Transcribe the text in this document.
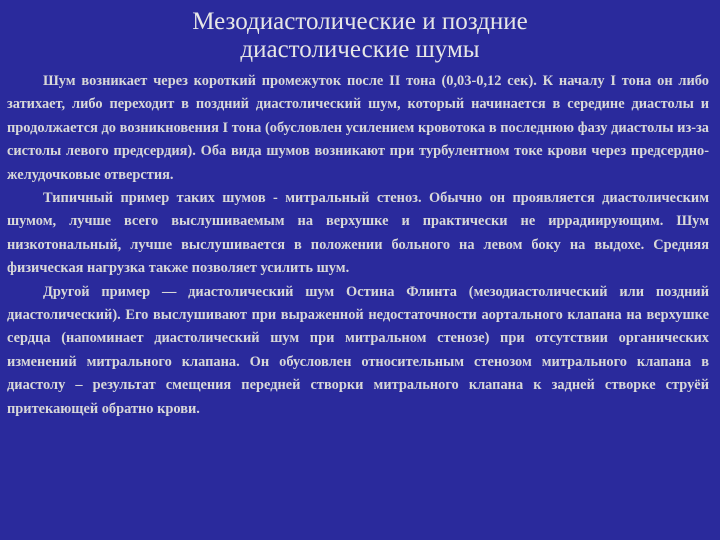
Мезодиастолические и поздние
диастолические шумы

Шум возникает через короткий промежуток после II тона (0,03-0,12 сек). К началу I тона он либо затихает, либо переходит в поздний диастолический шум, который начинается в середине диастолы и продолжается до возникновения I тона (обусловлен усилением кровотока в последнюю фазу диастолы из-за систолы левого предсердия). Оба вида шумов возникают при турбулентном токе крови через предсердно-желудочковые отверстия.

Типичный пример таких шумов - митральный стеноз. Обычно он проявляется диастолическим шумом, лучше всего выслушиваемым на верхушке и практически не иррадиирующим. Шум низкотональный, лучше выслушивается в положении больного на левом боку на выдохе. Средняя физическая нагрузка также позволяет усилить шум.

Другой пример — диастолический шум Остина Флинта (мезодиастолический или поздний диастолический). Его выслушивают при выраженной недостаточности аортального клапана на верхушке сердца (напоминает диастолический шум при митральном стенозе) при отсутствии органических изменений митрального клапана. Он обусловлен относительным стенозом митрального клапана в диастолу – результат смещения передней створки митрального клапана к задней створке струёй притекающей обратно крови.
